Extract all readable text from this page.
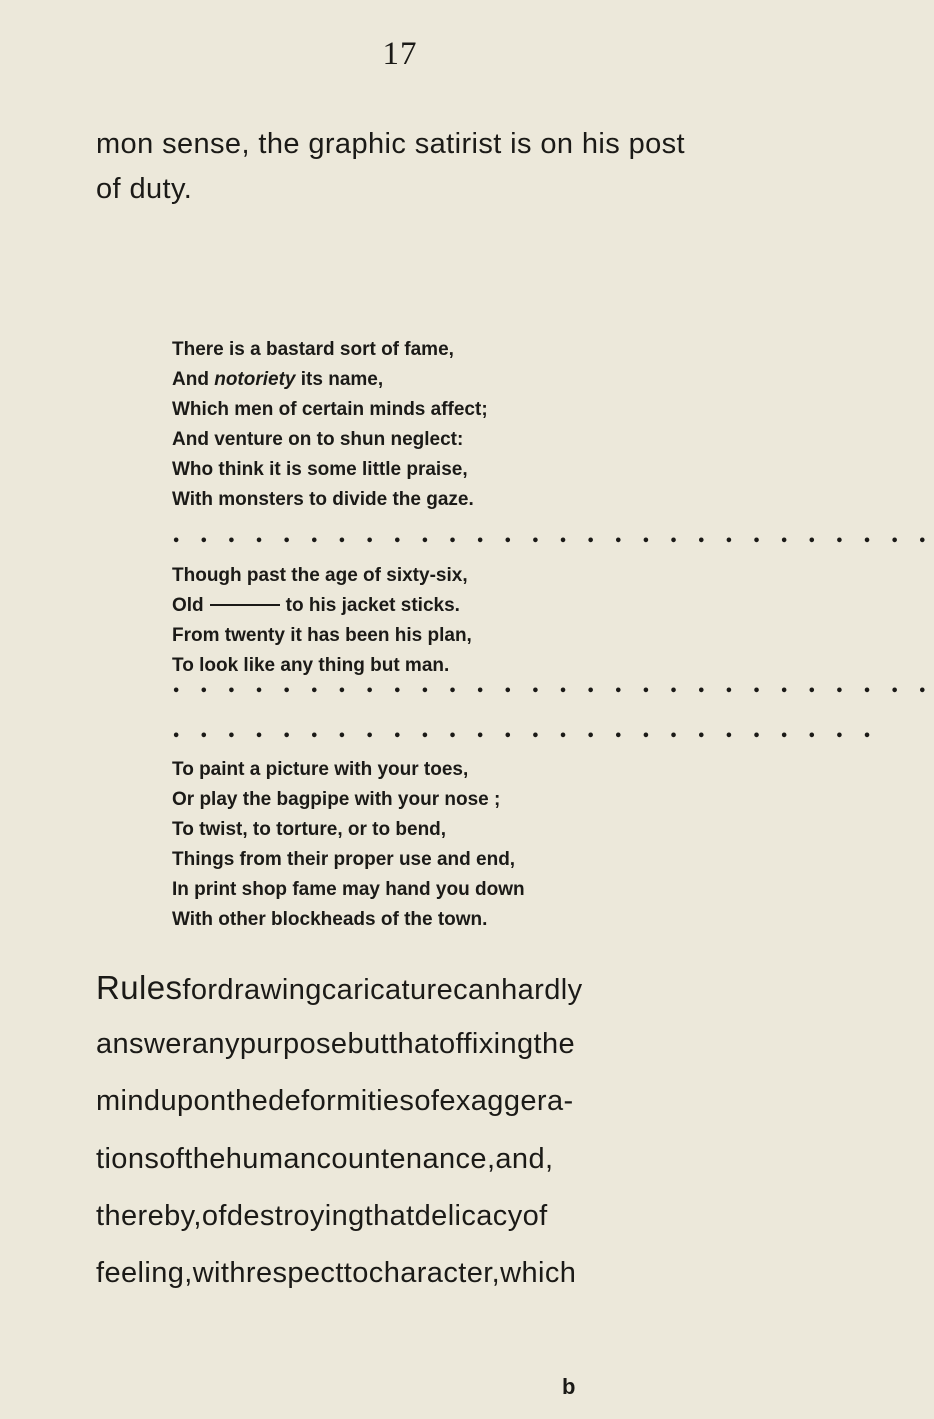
17
mon sense, the graphic satirist is on his post
of duty.
There is a bastard sort of fame,
And notoriety its name,
Which men of certain minds affect;
And venture on to shun neglect:
Who think it is some little praise,
With monsters to divide the gaze.
• • • • • • • • • • • • • • • • • • • • • • • • • • • •
Though past the age of sixty-six,
Old	to his jacket sticks.
From twenty it has been his plan,
To look like any thing but man.
• • • • • • • • • • • • • • • • • • • • • • • • • • • •
• • • • • • • • • • • • • • • • • • • • • • • • • •
To paint a picture with your toes,
Or play the bagpipe with your nose ;
To twist, to torture, or to bend,
Things from their proper use and end,
In print shop fame may hand you down
With other blockheads of the town.
Rulesfordrawingcaricaturecanhardly
answeranypurposebutthatoffixingthe
minduponthedeformitiesofexaggera-
tionsofthehumancountenance,and,
thereby,ofdestroyingthatdelicacyof
feeling,withrespecttocharacter,which
b
